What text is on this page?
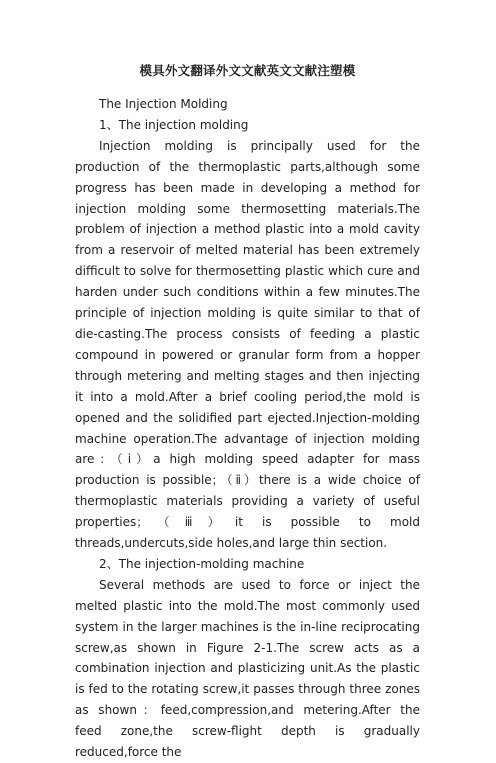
模具外文翻译外文文献英文文献注塑模

The Injection Molding

1、The injection molding

Injection molding is principally used for the production of the thermoplastic parts,although some progress has been made in developing a method for injection molding some thermosetting materials.The problem of injection a method plastic into a mold cavity from a reservoir of melted material has been extremely difficult to solve for thermosetting plastic which cure and harden under such conditions within a few minutes.The principle of injection molding is quite similar to that of die-casting.The process consists of feeding a plastic compound in powered or granular form from a hopper through metering and melting stages and then injecting it into a mold.After a brief cooling period,the mold is opened and the solidified part ejected.Injection-molding machine operation.The advantage of injection molding are：（ⅰ）a high molding speed adapter for mass production is possible；（ⅱ）there is a wide choice of thermoplastic materials providing a variety of useful properties；（ⅲ）it is possible to mold threads,undercuts,side holes,and large thin section.

2、The injection-molding machine

Several methods are used to force or inject the melted plastic into the mold.The most commonly used system in the larger machines is the in-line reciprocating screw,as shown in Figure 2-1.The screw acts as a combination injection and plasticizing unit.As the plastic is fed to the rotating screw,it passes through three zones as shown：feed,compression,and metering.After the feed zone,the screw-flight depth is gradually reduced,force the
